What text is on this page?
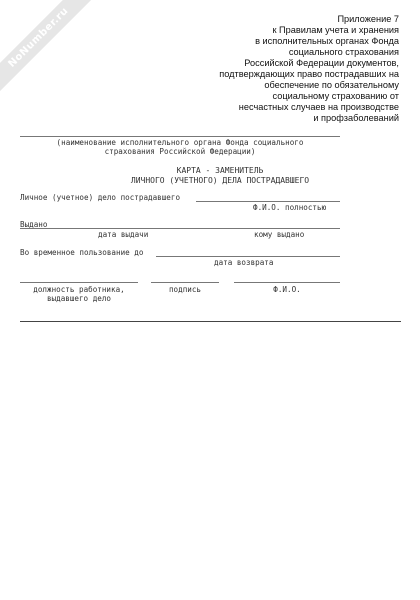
NoNumber.ru	Приложение 7
к Правилам учета и хранения
в исполнительных органах Фонда
социального страхования
Российской Федерации документов,
подтверждающих право пострадавших на
обеспечение по обязательному
социальному страхованию от
несчастных случаев на производстве
и профзаболеваний
(наименование исполнительного органа Фонда социального
страхования Российской Федерации)
КАРТА - ЗАМЕНИТЕЛЬ
ЛИЧНОГО (УЧЕТНОГО) ДЕЛА ПОСТРАДАВШЕГО
Личное (учетное) дело пострадавшего
Ф.И.О. полностью
Выдано
дата выдачи	кому выдано
Во временное пользование до
дата возврата
должность работника,
выдавшего дело
подпись	Ф.И.О.
